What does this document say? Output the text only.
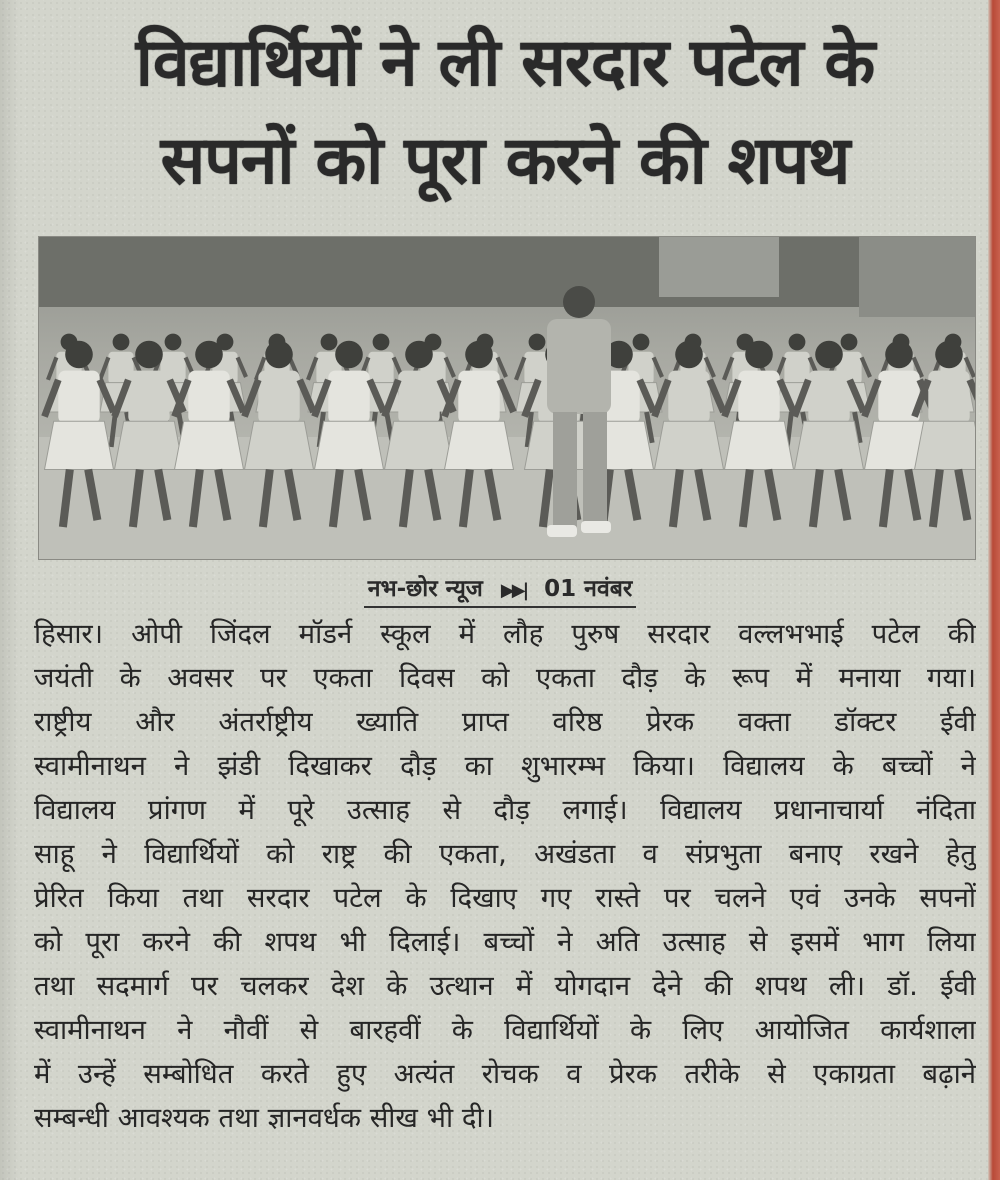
विद्यार्थियों ने ली सरदार पटेल के
सपनों को पूरा करने की शपथ
नभ-छोर न्यूज ▶▶| 01 नवंबर
हिसार। ओपी जिंदल मॉडर्न स्कूल में लौह पुरुष सरदार वल्लभभाई पटेल की
जयंती के अवसर पर एकता दिवस को एकता दौड़ के रूप में मनाया गया।
राष्ट्रीय और अंतर्राष्ट्रीय ख्याति प्राप्त वरिष्ठ प्रेरक वक्ता डॉक्टर ईवी
स्वामीनाथन ने झंडी दिखाकर दौड़ का शुभारम्भ किया। विद्यालय के बच्चों ने
विद्यालय प्रांगण में पूरे उत्साह से दौड़ लगाई। विद्यालय प्रधानाचार्या नंदिता
साहू ने विद्यार्थियों को राष्ट्र की एकता, अखंडता व संप्रभुता बनाए रखने हेतु
प्रेरित किया तथा सरदार पटेल के दिखाए गए रास्ते पर चलने एवं उनके सपनों
को पूरा करने की शपथ भी दिलाई। बच्चों ने अति उत्साह से इसमें भाग लिया
तथा सदमार्ग पर चलकर देश के उत्थान में योगदान देने की शपथ ली। डॉ. ईवी
स्वामीनाथन ने नौवीं से बारहवीं के विद्यार्थियों के लिए आयोजित कार्यशाला
में उन्हें सम्बोधित करते हुए अत्यंत रोचक व प्रेरक तरीके से एकाग्रता बढ़ाने
सम्बन्धी आवश्यक तथा ज्ञानवर्धक सीख भी दी।
